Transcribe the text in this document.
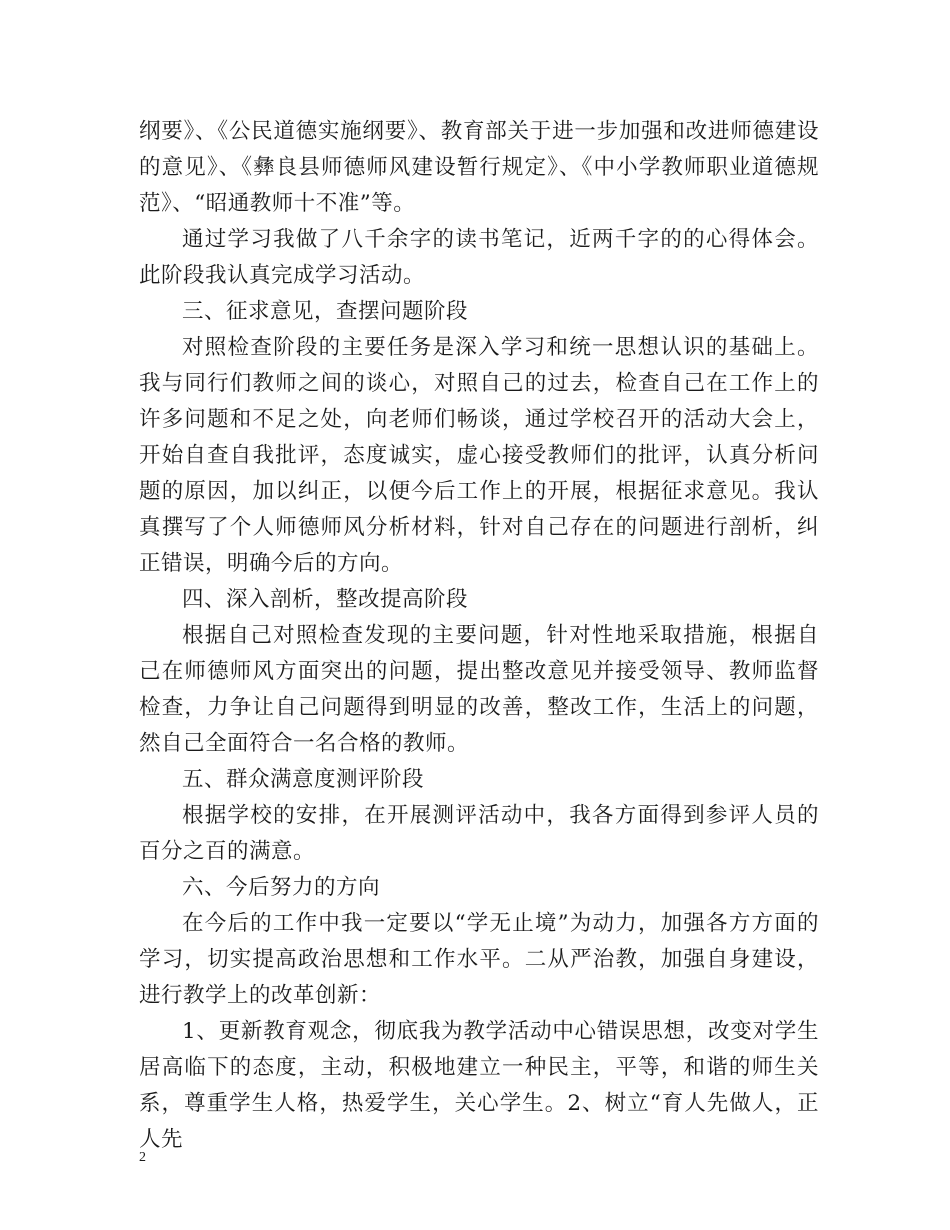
纲要》、《公民道德实施纲要》、教育部关于进一步加强和改进师德建设的意见》、《彝良县师德师风建设暂行规定》、《中小学教师职业道德规范》、“昭通教师十不准”等。

通过学习我做了八千余字的读书笔记，近两千字的的心得体会。此阶段我认真完成学习活动。

三、征求意见，查摆问题阶段

对照检查阶段的主要任务是深入学习和统一思想认识的基础上。我与同行们教师之间的谈心，对照自己的过去，检查自己在工作上的许多问题和不足之处，向老师们畅谈，通过学校召开的活动大会上，开始自查自我批评，态度诚实，虚心接受教师们的批评，认真分析问题的原因，加以纠正，以便今后工作上的开展，根据征求意见。我认真撰写了个人师德师风分析材料，针对自己存在的问题进行剖析，纠正错误，明确今后的方向。

四、深入剖析，整改提高阶段

根据自己对照检查发现的主要问题，针对性地采取措施，根据自己在师德师风方面突出的问题，提出整改意见并接受领导、教师监督检查，力争让自己问题得到明显的改善，整改工作，生活上的问题，然自己全面符合一名合格的教师。

五、群众满意度测评阶段

根据学校的安排，在开展测评活动中，我各方面得到参评人员的百分之百的满意。

六、今后努力的方向

在今后的工作中我一定要以“学无止境”为动力，加强各方方面的学习，切实提高政治思想和工作水平。二从严治教，加强自身建设，进行教学上的改革创新：

1、更新教育观念，彻底我为教学活动中心错误思想，改变对学生居高临下的态度，主动，积极地建立一种民主，平等，和谐的师生关系，尊重学生人格，热爱学生，关心学生。2、树立“育人先做人，正人先

2
